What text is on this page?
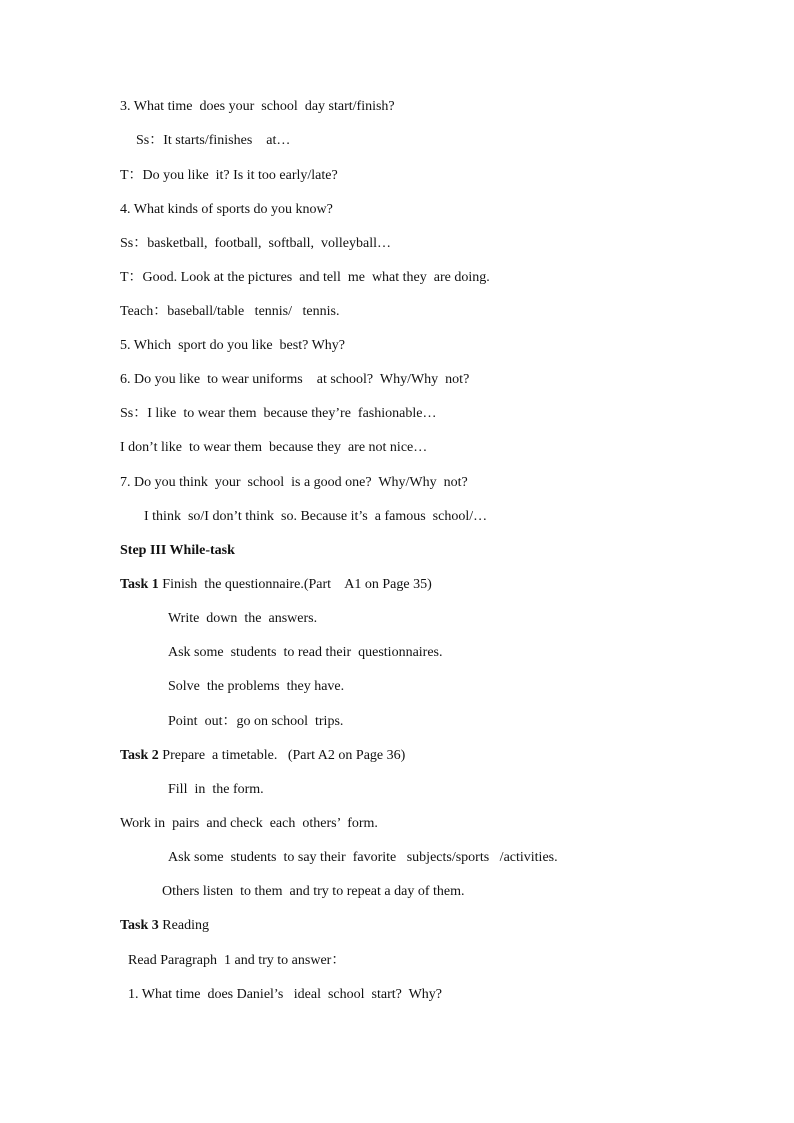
3. What time  does your  school  day start/finish?

Ss：It starts/finishes    at…

T：Do you like  it? Is it too early/late?

4. What kinds of sports do you know?

Ss：basketball,  football,  softball,  volleyball…

T：Good. Look at the pictures  and tell  me  what they  are doing.

Teach：baseball/table   tennis/   tennis.

5. Which  sport do you like  best? Why?

6. Do you like  to wear uniforms    at school?  Why/Why  not?

Ss：I like  to wear them  because they’re  fashionable…

I don’t like  to wear them  because they  are not nice…

7. Do you think  your  school  is a good one?  Why/Why  not?

I think  so/I don’t think  so. Because it’s  a famous  school/…

Step III While-task

Task 1 Finish  the questionnaire.(Part    A1 on Page 35)

Write  down  the  answers.

Ask some  students  to read their  questionnaires.

Solve  the problems  they have.

Point  out：go on school  trips.

Task 2 Prepare  a timetable.   (Part A2 on Page 36)

Fill  in  the form.

Work in  pairs  and check  each  others’  form.

Ask some  students  to say their  favorite   subjects/sports   /activities.

Others listen  to them  and try to repeat a day of them.

Task 3 Reading

Read Paragraph  1 and try to answer：

1. What time  does Daniel’s   ideal  school  start?  Why?
